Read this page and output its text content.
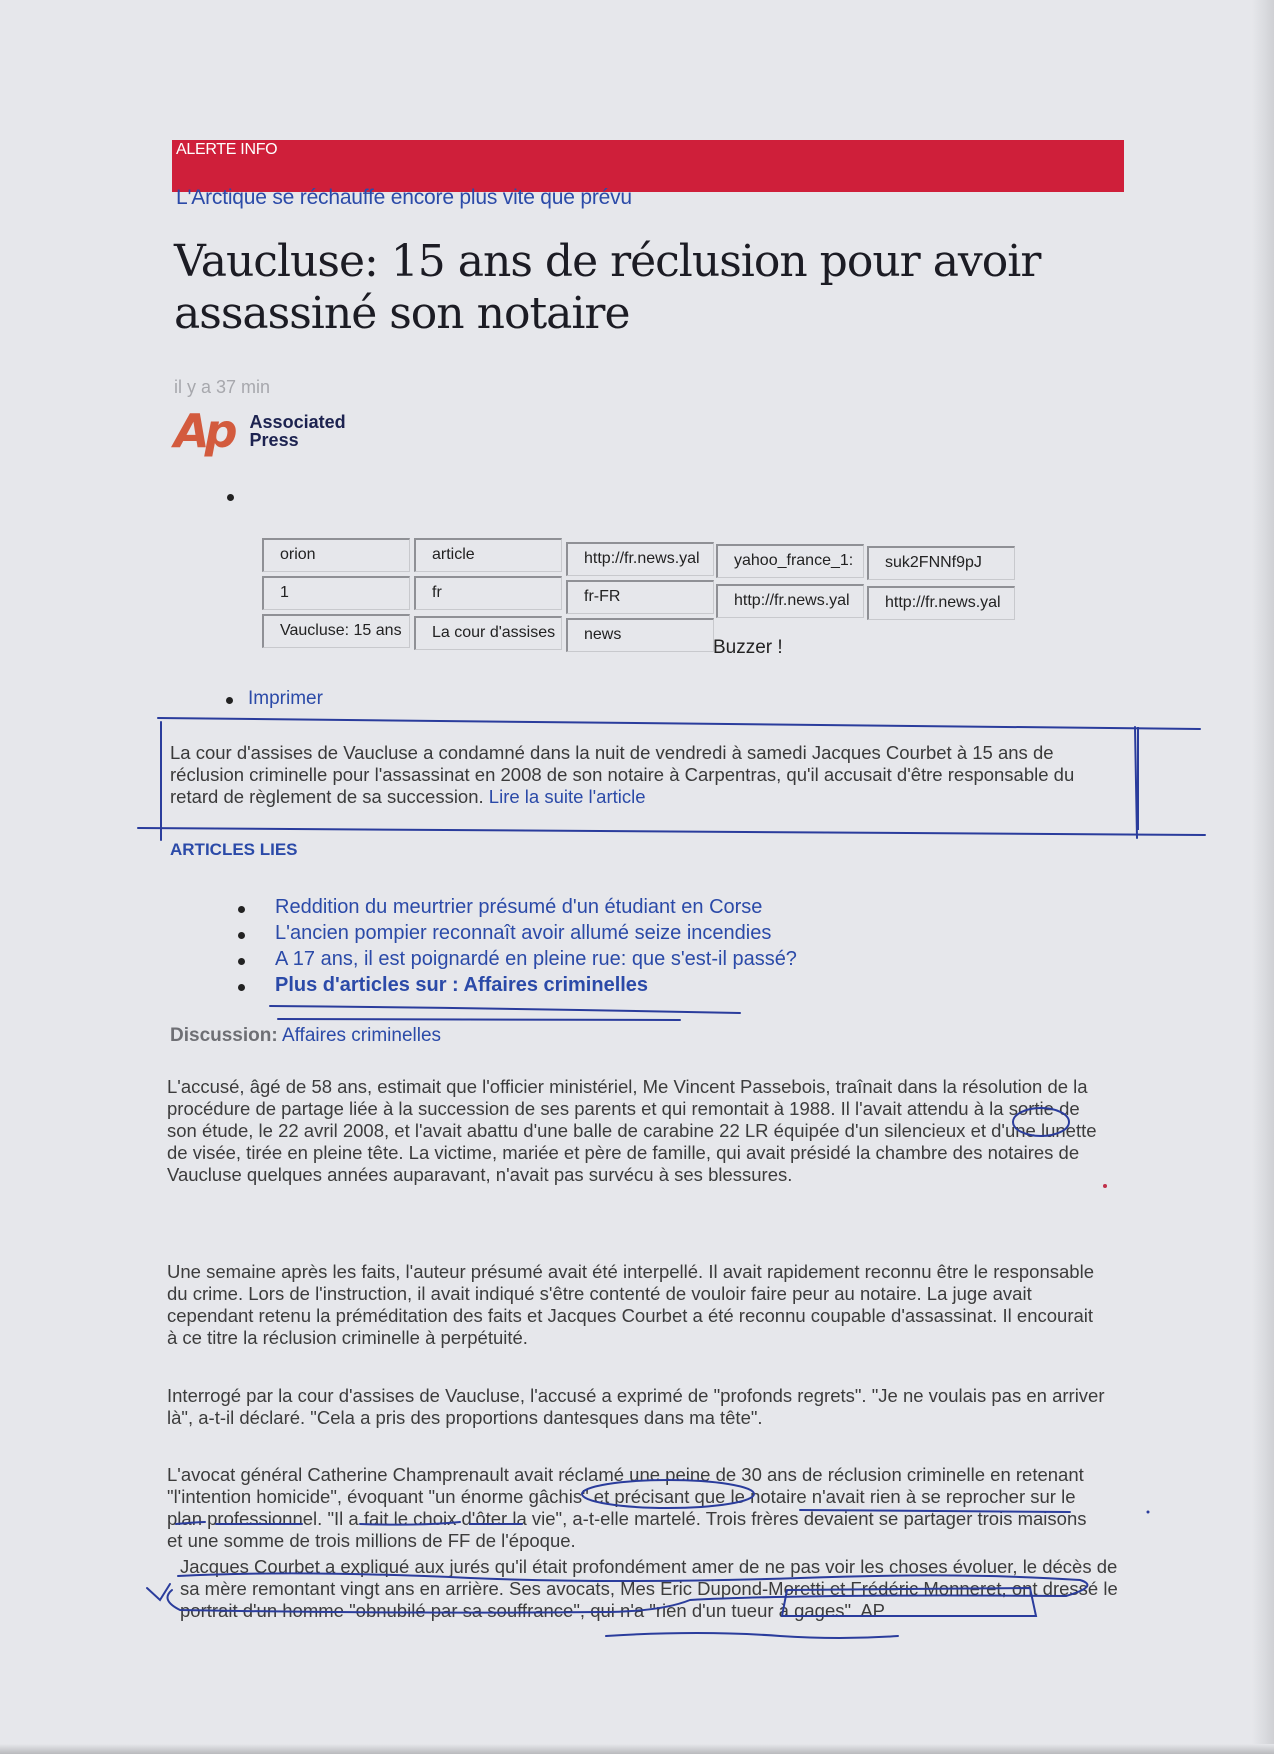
ALERTE INFO
L'Arctique se réchauffe encore plus vite que prévu
Vaucluse: 15 ans de réclusion pour avoir assassiné son notaire
il y a 37 min
Ap Associated
Press
orion	article	http://fr.news.yal	yahoo_france_1:	suk2FNNf9pJ
1	fr	fr-FR	http://fr.news.yal	http://fr.news.yal
Vaucluse: 15 ans	La cour d'assises	news
Buzzer !
Imprimer
La cour d'assises de Vaucluse a condamné dans la nuit de vendredi à samedi Jacques Courbet à 15 ans de réclusion criminelle pour l'assassinat en 2008 de son notaire à Carpentras, qu'il accusait d'être responsable du retard de règlement de sa succession. Lire la suite l'article
ARTICLES LIES
Reddition du meurtrier présumé d'un étudiant en Corse
L'ancien pompier reconnaît avoir allumé seize incendies
A 17 ans, il est poignardé en pleine rue: que s'est-il passé?
Plus d'articles sur : Affaires criminelles
Discussion: Affaires criminelles

L'accusé, âgé de 58 ans, estimait que l'officier ministériel, Me Vincent Passebois, traînait dans la résolution de la procédure de partage liée à la succession de ses parents et qui remontait à 1988. Il l'avait attendu à la sortie de son étude, le 22 avril 2008, et l'avait abattu d'une balle de carabine 22 LR équipée d'un silencieux et d'une lunette de visée, tirée en pleine tête. La victime, mariée et père de famille, qui avait présidé la chambre des notaires de Vaucluse quelques années auparavant, n'avait pas survécu à ses blessures.

Une semaine après les faits, l'auteur présumé avait été interpellé. Il avait rapidement reconnu être le responsable du crime. Lors de l'instruction, il avait indiqué s'être contenté de vouloir faire peur au notaire. La juge avait cependant retenu la préméditation des faits et Jacques Courbet a été reconnu coupable d'assassinat. Il encourait à ce titre la réclusion criminelle à perpétuité.

Interrogé par la cour d'assises de Vaucluse, l'accusé a exprimé de "profonds regrets". "Je ne voulais pas en arriver là", a-t-il déclaré. "Cela a pris des proportions dantesques dans ma tête".

L'avocat général Catherine Champrenault avait réclamé une peine de 30 ans de réclusion criminelle en retenant "l'intention homicide", évoquant "un énorme gâchis" et précisant que le notaire n'avait rien à se reprocher sur le plan professionnel. "Il a fait le choix d'ôter la vie", a-t-elle martelé. Trois frères devaient se partager trois maisons et une somme de trois millions de FF de l'époque.

Jacques Courbet a expliqué aux jurés qu'il était profondément amer de ne pas voir les choses évoluer, le décès de sa mère remontant vingt ans en arrière. Ses avocats, Mes Eric Dupond-Moretti et Frédéric Monneret, ont dressé le portrait d'un homme "obnubilé par sa souffrance", qui n'a "rien d'un tueur à gages". AP
